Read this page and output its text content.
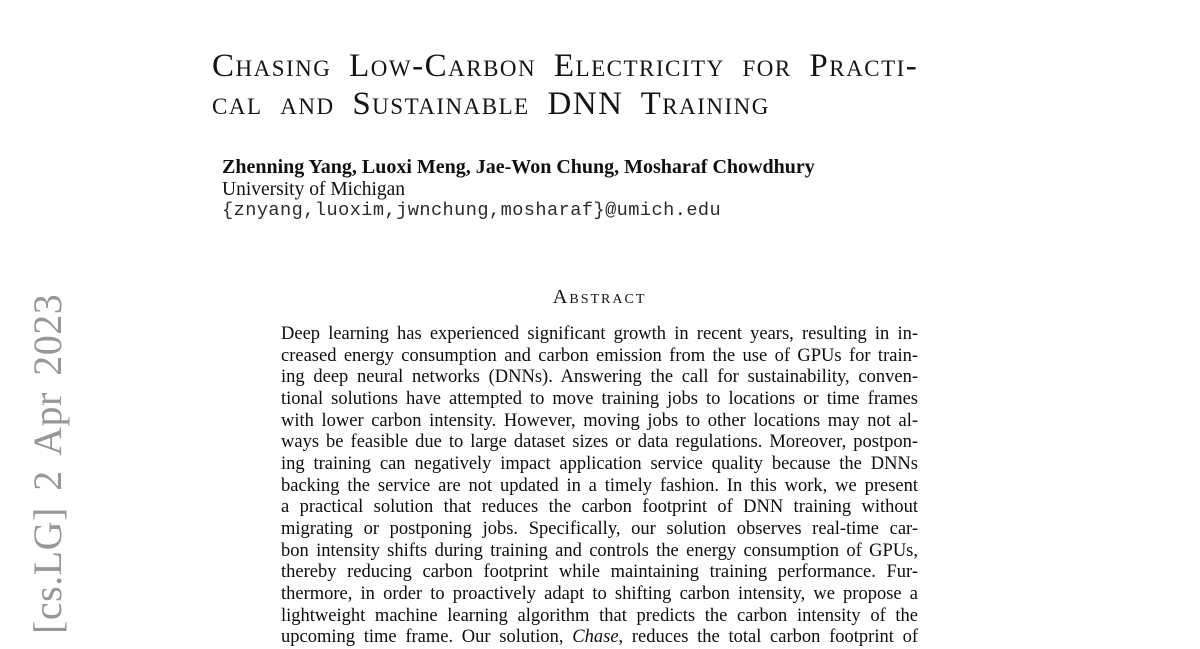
[cs.LG] 2 Apr 2023
Chasing Low-Carbon Electricity for Practi-
cal and Sustainable DNN Training
Zhenning Yang, Luoxi Meng, Jae-Won Chung, Mosharaf Chowdhury
University of Michigan
{znyang,luoxim,jwnchung,mosharaf}@umich.edu
Abstract
Deep learning has experienced significant growth in recent years, resulting in in-
creased energy consumption and carbon emission from the use of GPUs for train-
ing deep neural networks (DNNs). Answering the call for sustainability, conven-
tional solutions have attempted to move training jobs to locations or time frames
with lower carbon intensity. However, moving jobs to other locations may not al-
ways be feasible due to large dataset sizes or data regulations. Moreover, postpon-
ing training can negatively impact application service quality because the DNNs
backing the service are not updated in a timely fashion. In this work, we present
a practical solution that reduces the carbon footprint of DNN training without
migrating or postponing jobs. Specifically, our solution observes real-time car-
bon intensity shifts during training and controls the energy consumption of GPUs,
thereby reducing carbon footprint while maintaining training performance. Fur-
thermore, in order to proactively adapt to shifting carbon intensity, we propose a
lightweight machine learning algorithm that predicts the carbon intensity of the
upcoming time frame. Our solution, Chase, reduces the total carbon footprint of
